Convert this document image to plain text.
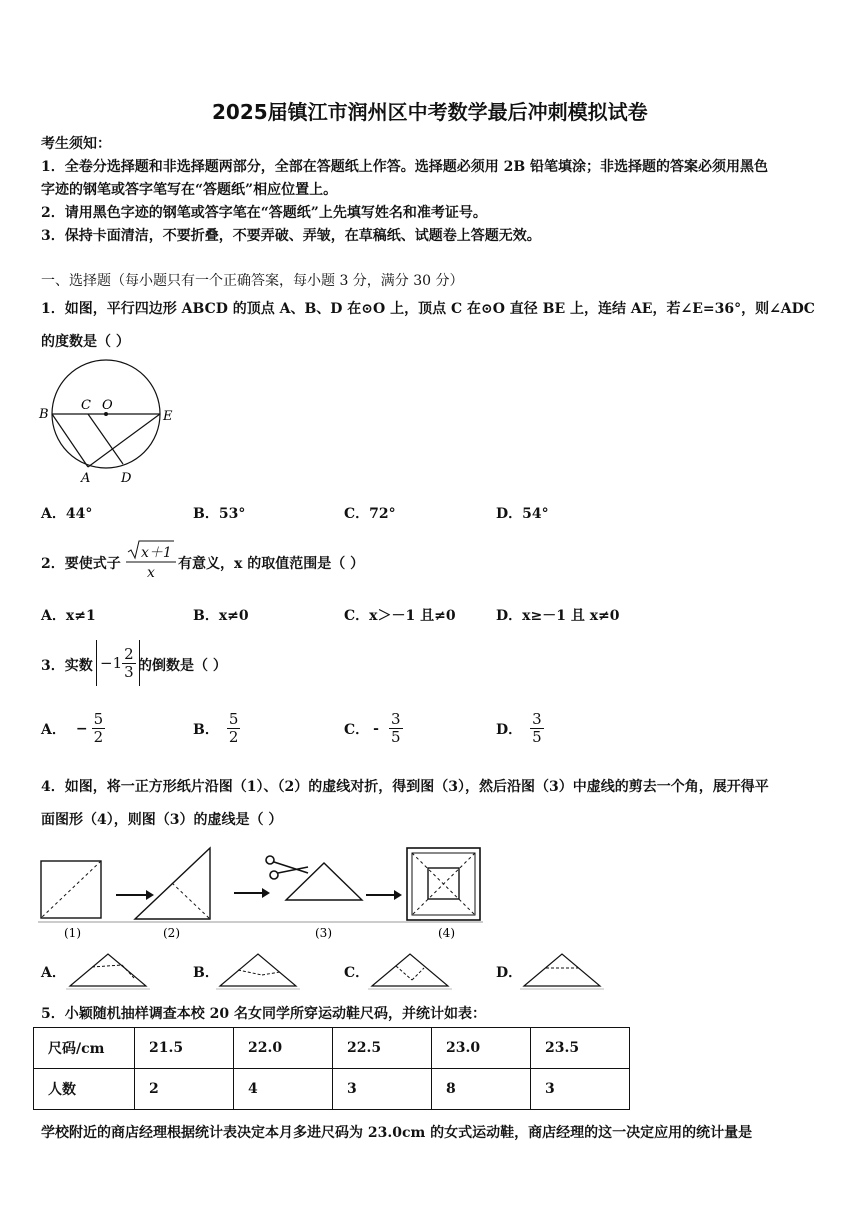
2025届镇江市润州区中考数学最后冲刺模拟试卷
考生须知：
1．全卷分选择题和非选择题两部分，全部在答题纸上作答。选择题必须用 2B 铅笔填涂；非选择题的答案必须用黑色
字迹的钢笔或答字笔写在“答题纸”相应位置上。
2．请用黑色字迹的钢笔或答字笔在“答题纸”上先填写姓名和准考证号。
3．保持卡面清洁，不要折叠，不要弄破、弄皱，在草稿纸、试题卷上答题无效。
一、选择题（每小题只有一个正确答案，每小题 3 分，满分 30 分）
1．如图，平行四边形 ABCD 的顶点 A、B、D 在⊙O 上，顶点 C 在⊙O 直径 BE 上，连结 AE，若∠E=36°，则∠ADC
的度数是（ ）
B
C O
E
A D
A．44°	B．53°	C．72°	D．54°
2．要使式子
x＋1
x
有意义，x 的取值范围是（ ）
A．x≠1	B．x≠0	C．x＞－1 且≠0	D．x≥－1 且 x≠0
3．实数 $-1 \frac{2}{3}$ 的倒数是（ ）
A． − $\frac{5}{2}$	B． $\frac{5}{2}$	C． - $\frac{3}{5}$	D． $\frac{3}{5}$
4．如图，将一正方形纸片沿图（1）、（2）的虚线对折，得到图（3），然后沿图（3）中虚线的剪去一个角，展开得平
面图形（4），则图（3）的虚线是（ ）
(1)	(2)	(3)	(4)
A．	B．	C．	D．
5．小颖随机抽样调查本校 20 名女同学所穿运动鞋尺码，并统计如表：
尺码/cm	21.5	22.0	22.5	23.0	23.5
人数	2	4	3	8	3
学校附近的商店经理根据统计表决定本月多进尺码为 23.0cm 的女式运动鞋，商店经理的这一决定应用的统计量是
